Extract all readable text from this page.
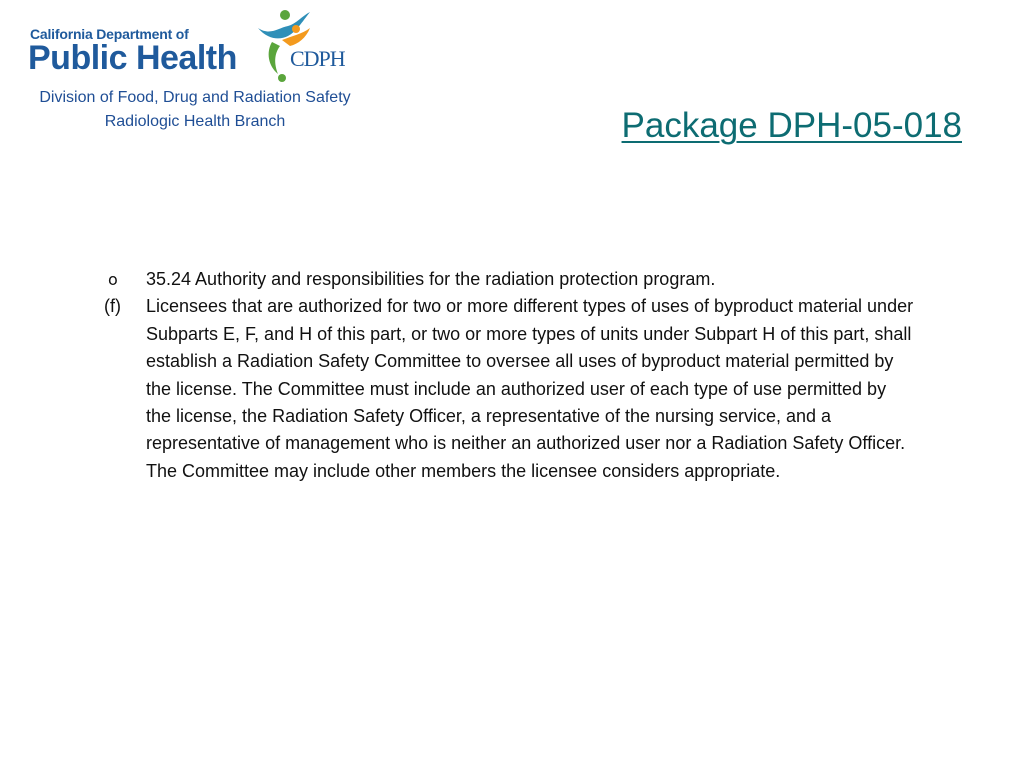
California Department of
Public Health CDPH
Division of Food, Drug and Radiation Safety
Radiologic Health Branch	Package DPH-05-018
o	35.24 Authority and responsibilities for the radiation protection program.
(f)	Licensees that are authorized for two or more different types of uses of byproduct material under Subparts E, F, and H of this part, or two or more types of units under Subpart H of this part, shall establish a Radiation Safety Committee to oversee all uses of byproduct material permitted by the license. The Committee must include an authorized user of each type of use permitted by the license, the Radiation Safety Officer, a representative of the nursing service, and a representative of management who is neither an authorized user nor a Radiation Safety Officer. The Committee may include other members the licensee considers appropriate.
